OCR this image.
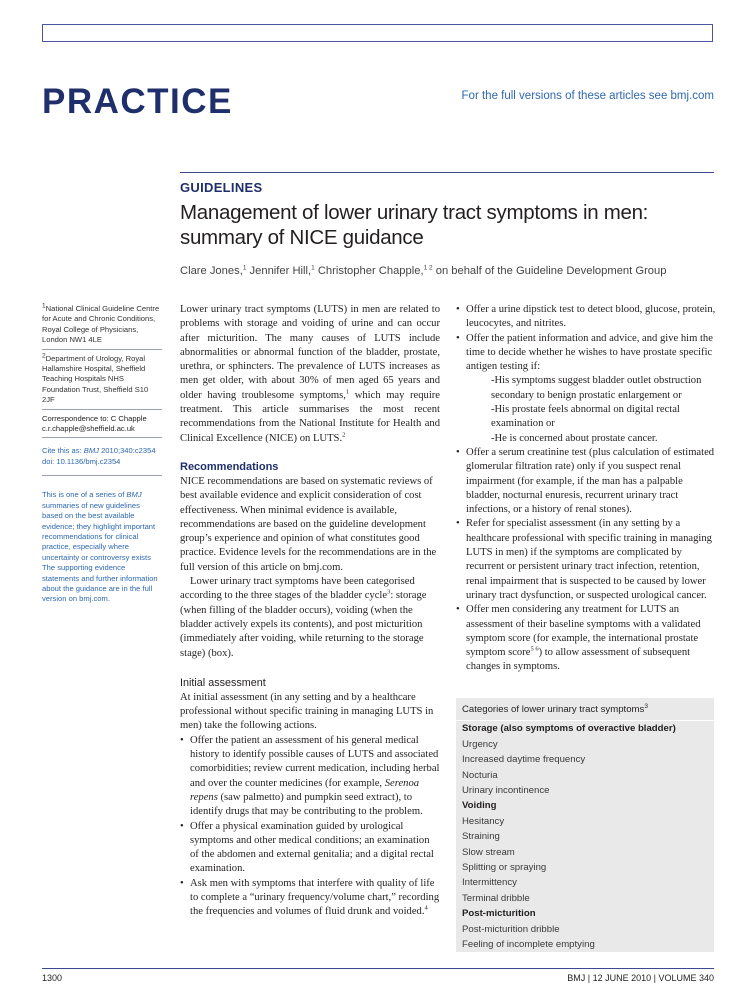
PRACTICE	For the full versions of these articles see bmj.com
GUIDELINES
Management of lower urinary tract symptoms in men: summary of NICE guidance
Clare Jones,$^1$ Jennifer Hill,$^1$ Christopher Chapple,$^{1 2}$ on behalf of the Guideline Development Group

$^1$National Clinical Guideline Centre for Acute and Chronic Conditions, Royal College of Physicians, London NW1 4LE

$^2$Department of Urology, Royal Hallamshire Hospital, Sheffield Teaching Hospitals NHS Foundation Trust, Sheffield S10 2JF

Correspondence to: C Chapple

c.r.chapple@sheffield.ac.uk

Cite this as: BMJ 2010;340:c2354

doi: 10.1136/bmj.c2354

This is one of a series of BMJ summaries of new guidelines based on the best available evidence; they highlight important recommendations for clinical practice, especially where uncertainty or controversy exists The supporting evidence statements and further information about the guidance are in the full version on bmj.com.

Lower urinary tract symptoms (LUTS) in men are related to problems with storage and voiding of urine and can occur after micturition. The many causes of LUTS include abnormalities or abnormal function of the bladder, prostate, urethra, or sphincters. The prevalence of LUTS increases as men get older, with about 30% of men aged 65 years and older having troublesome symptoms,$^1$ which may require treatment. This article summarises the most recent recommendations from the National Institute for Health and Clinical Excellence (NICE) on LUTS.$^2$

Recommendations

NICE recommendations are based on systematic reviews of best available evidence and explicit consideration of cost effectiveness. When minimal evidence is available, recommendations are based on the guideline development group’s experience and opinion of what constitutes good practice. Evidence levels for the recommendations are in the full version of this article on bmj.com.

Lower urinary tract symptoms have been categorised according to the three stages of the bladder cycle$^3$: storage (when filling of the bladder occurs), voiding (when the bladder actively expels its contents), and post micturition (immediately after voiding, while returning to the storage stage) (box).

Initial assessment

At initial assessment (in any setting and by a healthcare professional without specific training in managing LUTS in men) take the following actions.

• Offer the patient an assessment of his general medical history to identify possible causes of LUTS and associated comorbidities; review current medication, including herbal and over the counter medicines (for example, Serenoa repens (saw palmetto) and pumpkin seed extract), to identify drugs that may be contributing to the problem.
• Offer a physical examination guided by urological symptoms and other medical conditions; an examination of the abdomen and external genitalia; and a digital rectal examination.
• Ask men with symptoms that interfere with quality of life to complete a “urinary frequency/volume chart,” recording the frequencies and volumes of fluid drunk and voided.$^4$
• Offer a urine dipstick test to detect blood, glucose, protein, leucocytes, and nitrites.
• Offer the patient information and advice, and give him the time to decide whether he wishes to have prostate specific antigen testing if:
- His symptoms suggest bladder outlet obstruction secondary to benign prostatic enlargement or
- His prostate feels abnormal on digital rectal examination or
- He is concerned about prostate cancer.
• Offer a serum creatinine test (plus calculation of estimated glomerular filtration rate) only if you suspect renal impairment (for example, if the man has a palpable bladder, nocturnal enuresis, recurrent urinary tract infections, or a history of renal stones).
• Refer for specialist assessment (in any setting by a healthcare professional with specific training in managing LUTS in men) if the symptoms are complicated by recurrent or persistent urinary tract infection, retention, renal impairment that is suspected to be caused by lower urinary tract dysfunction, or suspected urological cancer.
• Offer men considering any treatment for LUTS an assessment of their baseline symptoms with a validated symptom score (for example, the international prostate symptom score$^{5 6}$) to allow assessment of subsequent changes in symptoms.
Categories of lower urinary tract symptoms$^3$
Storage (also symptoms of overactive bladder)
Urgency
Increased daytime frequency
Nocturia
Urinary incontinence
Voiding
Hesitancy
Straining
Slow stream
Splitting or spraying
Intermittency
Terminal dribble
Post-micturition
Post-micturition dribble
Feeling of incomplete emptying
1300	BMJ | 12 JUNE 2010 | VOLUME 340
